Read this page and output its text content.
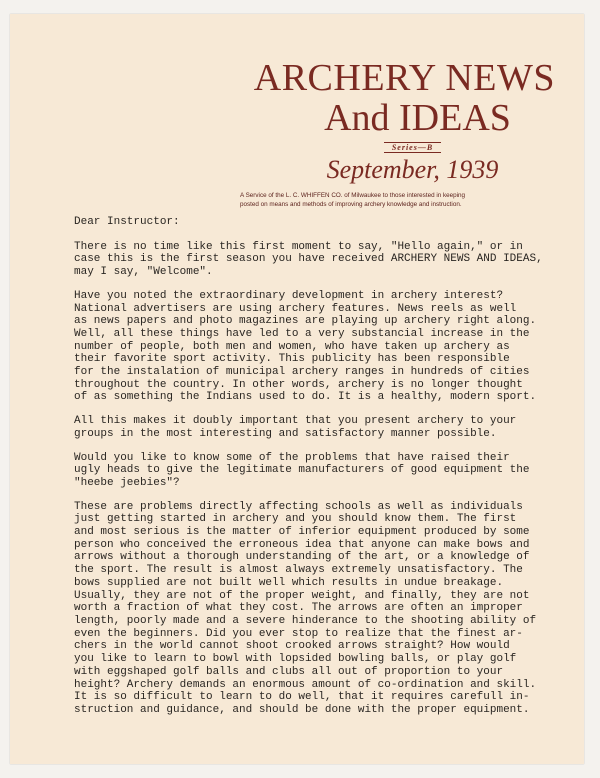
ARCHERY NEWS
And IDEAS
Series—B
September, 1939
A Service of the L. C. WHIFFEN CO. of Milwaukee to those interested in keeping
posted on means and methods of improving archery knowledge and instruction.
Dear Instructor:
There is no time like this first moment to say, "Hello again," or in
case this is the first season you have received ARCHERY NEWS AND IDEAS,
may I say, "Welcome".
Have you noted the extraordinary development in archery interest?
National advertisers are using archery features. News reels as well
as news papers and photo magazines are playing up archery right along.
Well, all these things have led to a very substancial increase in the
number of people, both men and women, who have taken up archery as
their favorite sport activity. This publicity has been responsible
for the instalation of municipal archery ranges in hundreds of cities
throughout the country. In other words, archery is no longer thought
of as something the Indians used to do. It is a healthy, modern sport.
All this makes it doubly important that you present archery to your
groups in the most interesting and satisfactory manner possible.
Would you like to know some of the problems that have raised their
ugly heads to give the legitimate manufacturers of good equipment the
"heebe jeebies"?
These are problems directly affecting schools as well as individuals
just getting started in archery and you should know them. The first
and most serious is the matter of inferior equipment produced by some
person who conceived the erroneous idea that anyone can make bows and
arrows without a thorough understanding of the art, or a knowledge of
the sport. The result is almost always extremely unsatisfactory. The
bows supplied are not built well which results in undue breakage.
Usually, they are not of the proper weight, and finally, they are not
worth a fraction of what they cost. The arrows are often an improper
length, poorly made and a severe hinderance to the shooting ability of
even the beginners. Did you ever stop to realize that the finest ar-
chers in the world cannot shoot crooked arrows straight? How would
you like to learn to bowl with lopsided bowling balls, or play golf
with eggshaped golf balls and clubs all out of proportion to your
height? Archery demands an enormous amount of co-ordination and skill.
It is so difficult to learn to do well, that it requires carefull in-
struction and guidance, and should be done with the proper equipment.
